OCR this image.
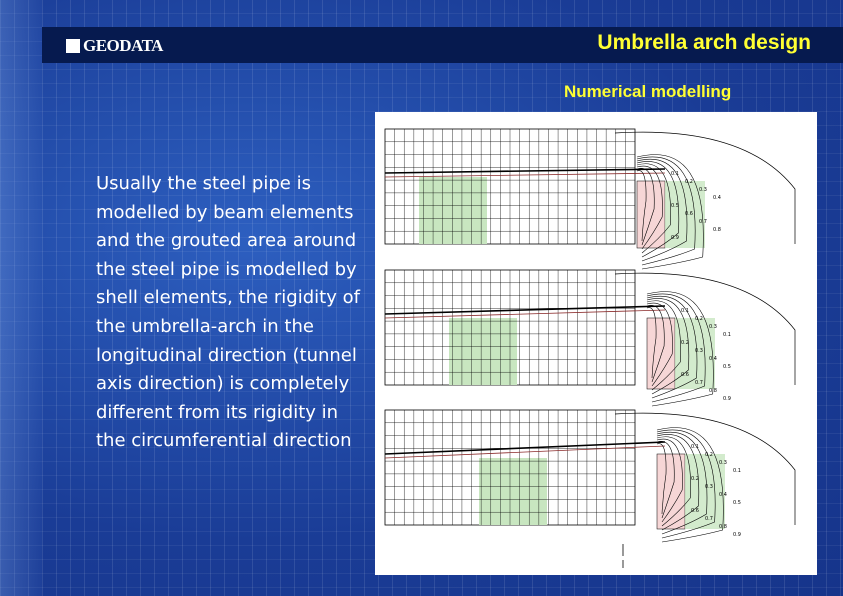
GEODATA	Umbrella arch design
Numerical modelling
Usually the steel pipe is modelled by beam elements and the grouted area around the steel pipe is modelled by shell elements, the rigidity of the umbrella-arch in the longitudinal direction (tunnel axis direction) is completely different from its rigidity in the circumferential direction
0.1
0.2
0.3
0.4
0.5
0.6
0.7
0.8
0.9
0.1
0.2
0.3
0.1
0.2
0.3
0.4
0.5
0.6
0.7
0.8
0.9
0.1
0.2
0.3
0.1
0.2
0.3
0.4
0.5
0.6
0.7
0.8
0.9
